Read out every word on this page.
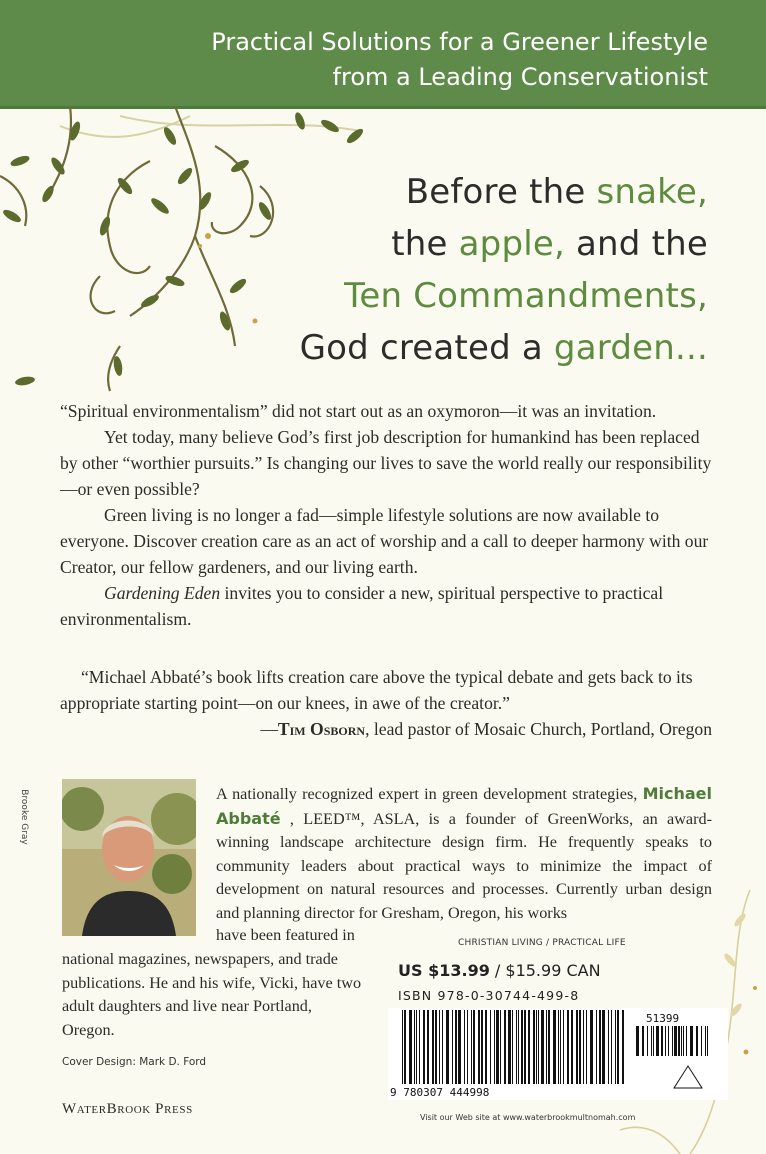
Practical Solutions for a Greener Lifestyle
from a Leading Conservationist
Before the snake,
the apple, and the
Ten Commandments,
God created a garden...

“Spiritual environmentalism” did not start out as an oxymoron—it was an invitation.

Yet today, many believe God’s first job description for humankind has been replaced by other “worthier pursuits.” Is changing our lives to save the world really our responsibility—or even possible?

Green living is no longer a fad—simple lifestyle solutions are now available to everyone. Discover creation care as an act of worship and a call to deeper harmony with our Creator, our fellow gardeners, and our living earth.

Gardening Eden invites you to consider a new, spiritual perspective to practical environmentalism.

“Michael Abbaté’s book lifts creation care above the typical debate and gets back to its appropriate starting point—on our knees, in awe of the creator.”
—Tim Osborn, lead pastor of Mosaic Church, Portland, Oregon
Brooke Gray	A nationally recognized expert in green development strategies, Michael Abbaté , LEED™, ASLA, is a founder of GreenWorks, an award-winning landscape architecture design firm. He frequently speaks to community leaders about practical ways to minimize the impact of development on natural resources and processes. Currently urban design and planning director for Gresham, Oregon, his works
have been featured in
national magazines, newspapers, and trade publications. He and his wife, Vicki, have two adult daughters and live near Portland, Oregon.
Cover Design: Mark D. Ford
WaterBrook Press
CHRISTIAN LIVING / PRACTICAL LIFE
US $13.99 / $15.99 CAN
ISBN 978-0-30744-499-8
9 780307 444998
51399
Visit our Web site at www.waterbrookmultnomah.com
